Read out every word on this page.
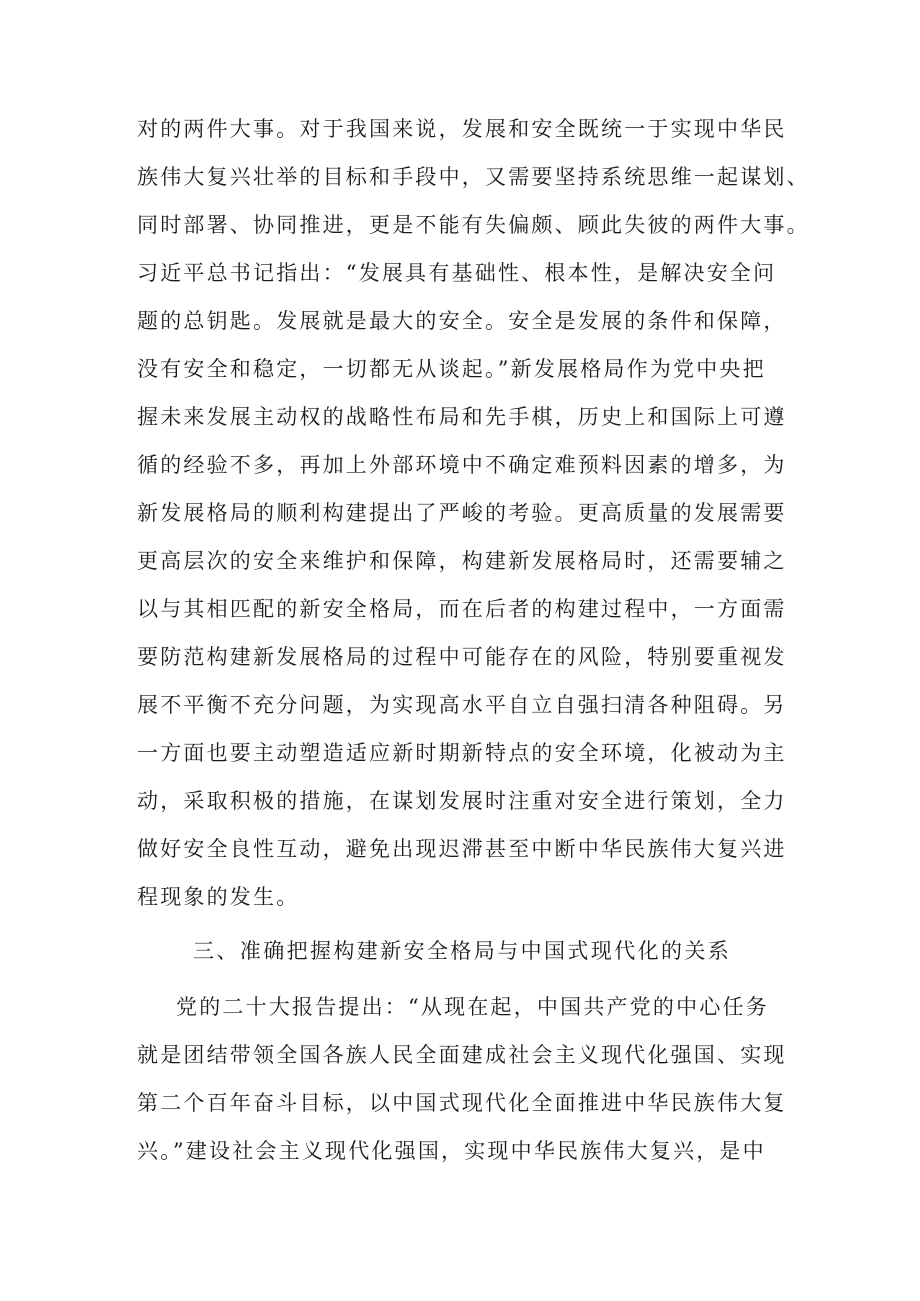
对的两件大事。对于我国来说，发展和安全既统一于实现中华民
族伟大复兴壮举的目标和手段中，又需要坚持系统思维一起谋划、
同时部署、协同推进，更是不能有失偏颇、顾此失彼的两件大事。
习近平总书记指出：“发展具有基础性、根本性，是解决安全问
题的总钥匙。发展就是最大的安全。安全是发展的条件和保障，
没有安全和稳定，一切都无从谈起。”新发展格局作为党中央把
握未来发展主动权的战略性布局和先手棋，历史上和国际上可遵
循的经验不多，再加上外部环境中不确定难预料因素的增多，为
新发展格局的顺利构建提出了严峻的考验。更高质量的发展需要
更高层次的安全来维护和保障，构建新发展格局时，还需要辅之
以与其相匹配的新安全格局，而在后者的构建过程中，一方面需
要防范构建新发展格局的过程中可能存在的风险，特别要重视发
展不平衡不充分问题，为实现高水平自立自强扫清各种阻碍。另
一方面也要主动塑造适应新时期新特点的安全环境，化被动为主
动，采取积极的措施，在谋划发展时注重对安全进行策划，全力
做好安全良性互动，避免出现迟滞甚至中断中华民族伟大复兴进
程现象的发生。
三、准确把握构建新安全格局与中国式现代化的关系
党的二十大报告提出：“从现在起，中国共产党的中心任务
就是团结带领全国各族人民全面建成社会主义现代化强国、实现
第二个百年奋斗目标，以中国式现代化全面推进中华民族伟大复
兴。”建设社会主义现代化强国，实现中华民族伟大复兴，是中
